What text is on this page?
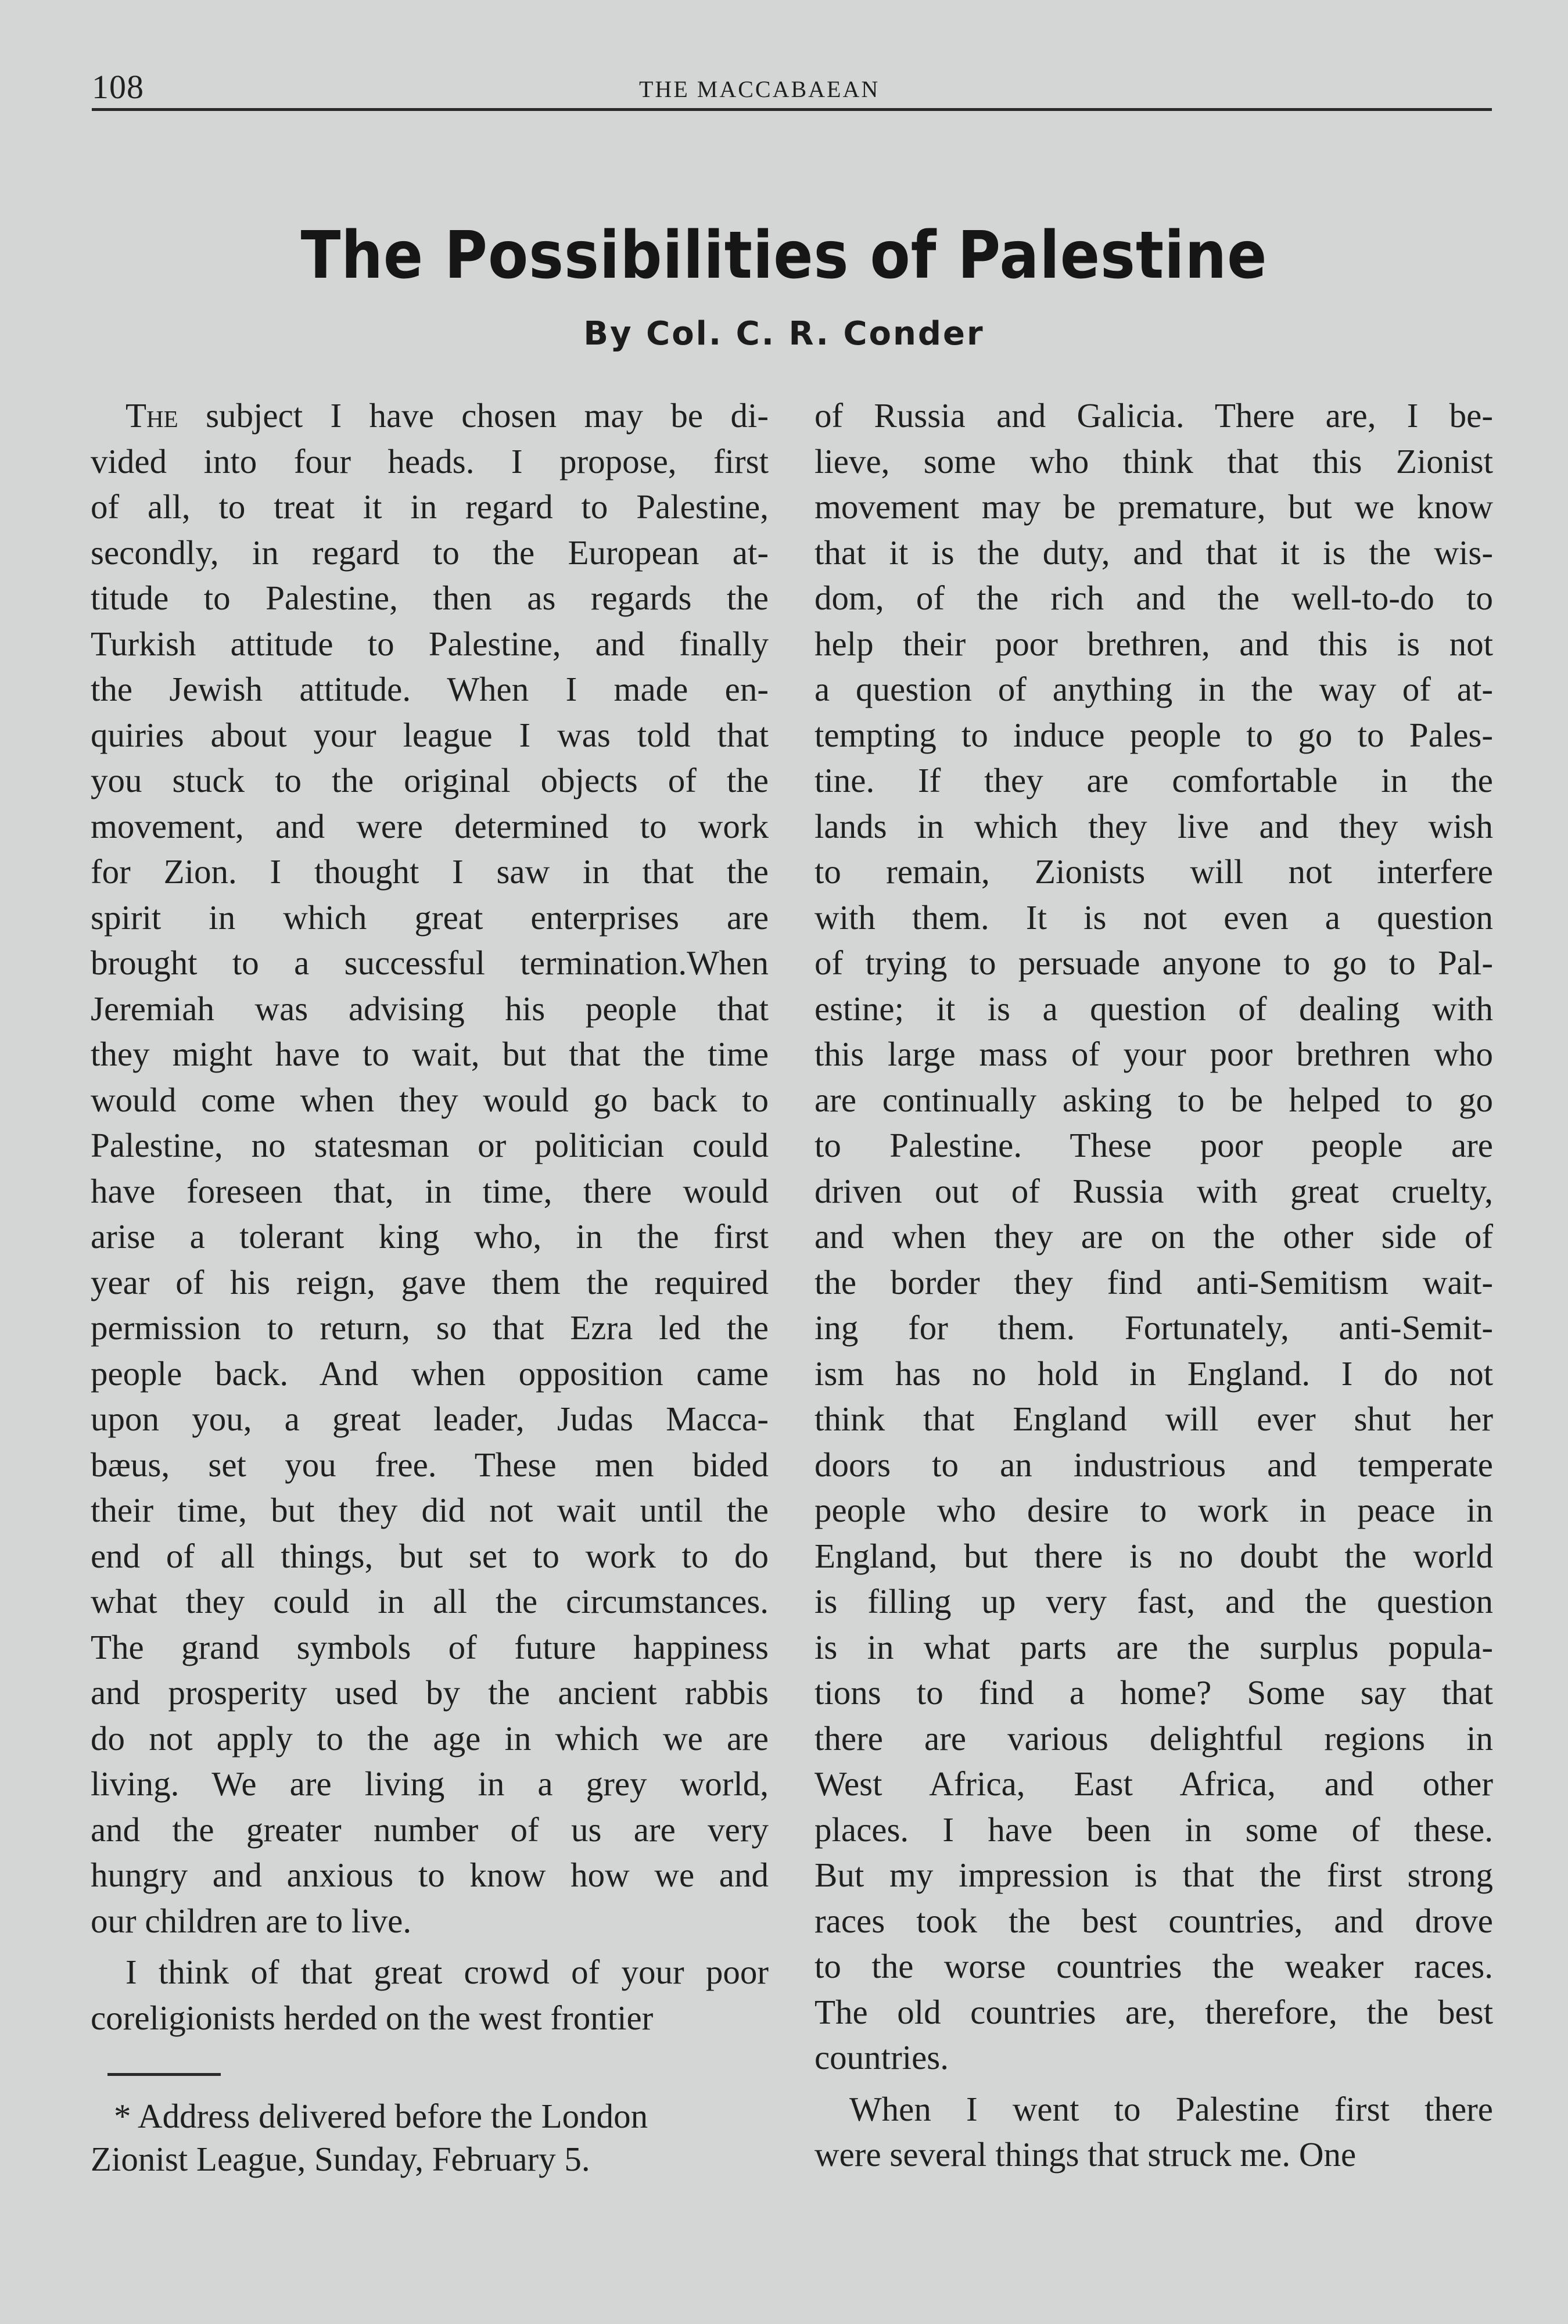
108	THE MACCABAEAN
The Possibilities of Palestine
By Col. C. R. Conder
The subject I have chosen may be di-
vided into four heads. I propose, first
of all, to treat it in regard to Palestine,
secondly, in regard to the European at-
titude to Palestine, then as regards the
Turkish attitude to Palestine, and finally
the Jewish attitude. When I made en-
quiries about your league I was told that
you stuck to the original objects of the
movement, and were determined to work
for Zion. I thought I saw in that the
spirit in which great enterprises are
brought to a successful termination.When
Jeremiah was advising his people that
they might have to wait, but that the time
would come when they would go back to
Palestine, no statesman or politician could
have foreseen that, in time, there would
arise a tolerant king who, in the first
year of his reign, gave them the required
permission to return, so that Ezra led the
people back. And when opposition came
upon you, a great leader, Judas Macca-
bæus, set you free. These men bided
their time, but they did not wait until the
end of all things, but set to work to do
what they could in all the circumstances.
The grand symbols of future happiness
and prosperity used by the ancient rabbis
do not apply to the age in which we are
living. We are living in a grey world,
and the greater number of us are very
hungry and anxious to know how we and
our children are to live.
I think of that great crowd of your poor
coreligionists herded on the west frontier
of Russia and Galicia. There are, I be-
lieve, some who think that this Zionist
movement may be premature, but we know
that it is the duty, and that it is the wis-
dom, of the rich and the well-to-do to
help their poor brethren, and this is not
a question of anything in the way of at-
tempting to induce people to go to Pales-
tine. If they are comfortable in the
lands in which they live and they wish
to remain, Zionists will not interfere
with them. It is not even a question
of trying to persuade anyone to go to Pal-
estine; it is a question of dealing with
this large mass of your poor brethren who
are continually asking to be helped to go
to Palestine. These poor people are
driven out of Russia with great cruelty,
and when they are on the other side of
the border they find anti-Semitism wait-
ing for them. Fortunately, anti-Semit-
ism has no hold in England. I do not
think that England will ever shut her
doors to an industrious and temperate
people who desire to work in peace in
England, but there is no doubt the world
is filling up very fast, and the question
is in what parts are the surplus popula-
tions to find a home? Some say that
there are various delightful regions in
West Africa, East Africa, and other
places. I have been in some of these.
But my impression is that the first strong
races took the best countries, and drove
to the worse countries the weaker races.
The old countries are, therefore, the best
countries.
When I went to Palestine first there
were several things that struck me. One
* Address delivered before the London
Zionist League, Sunday, February 5.
